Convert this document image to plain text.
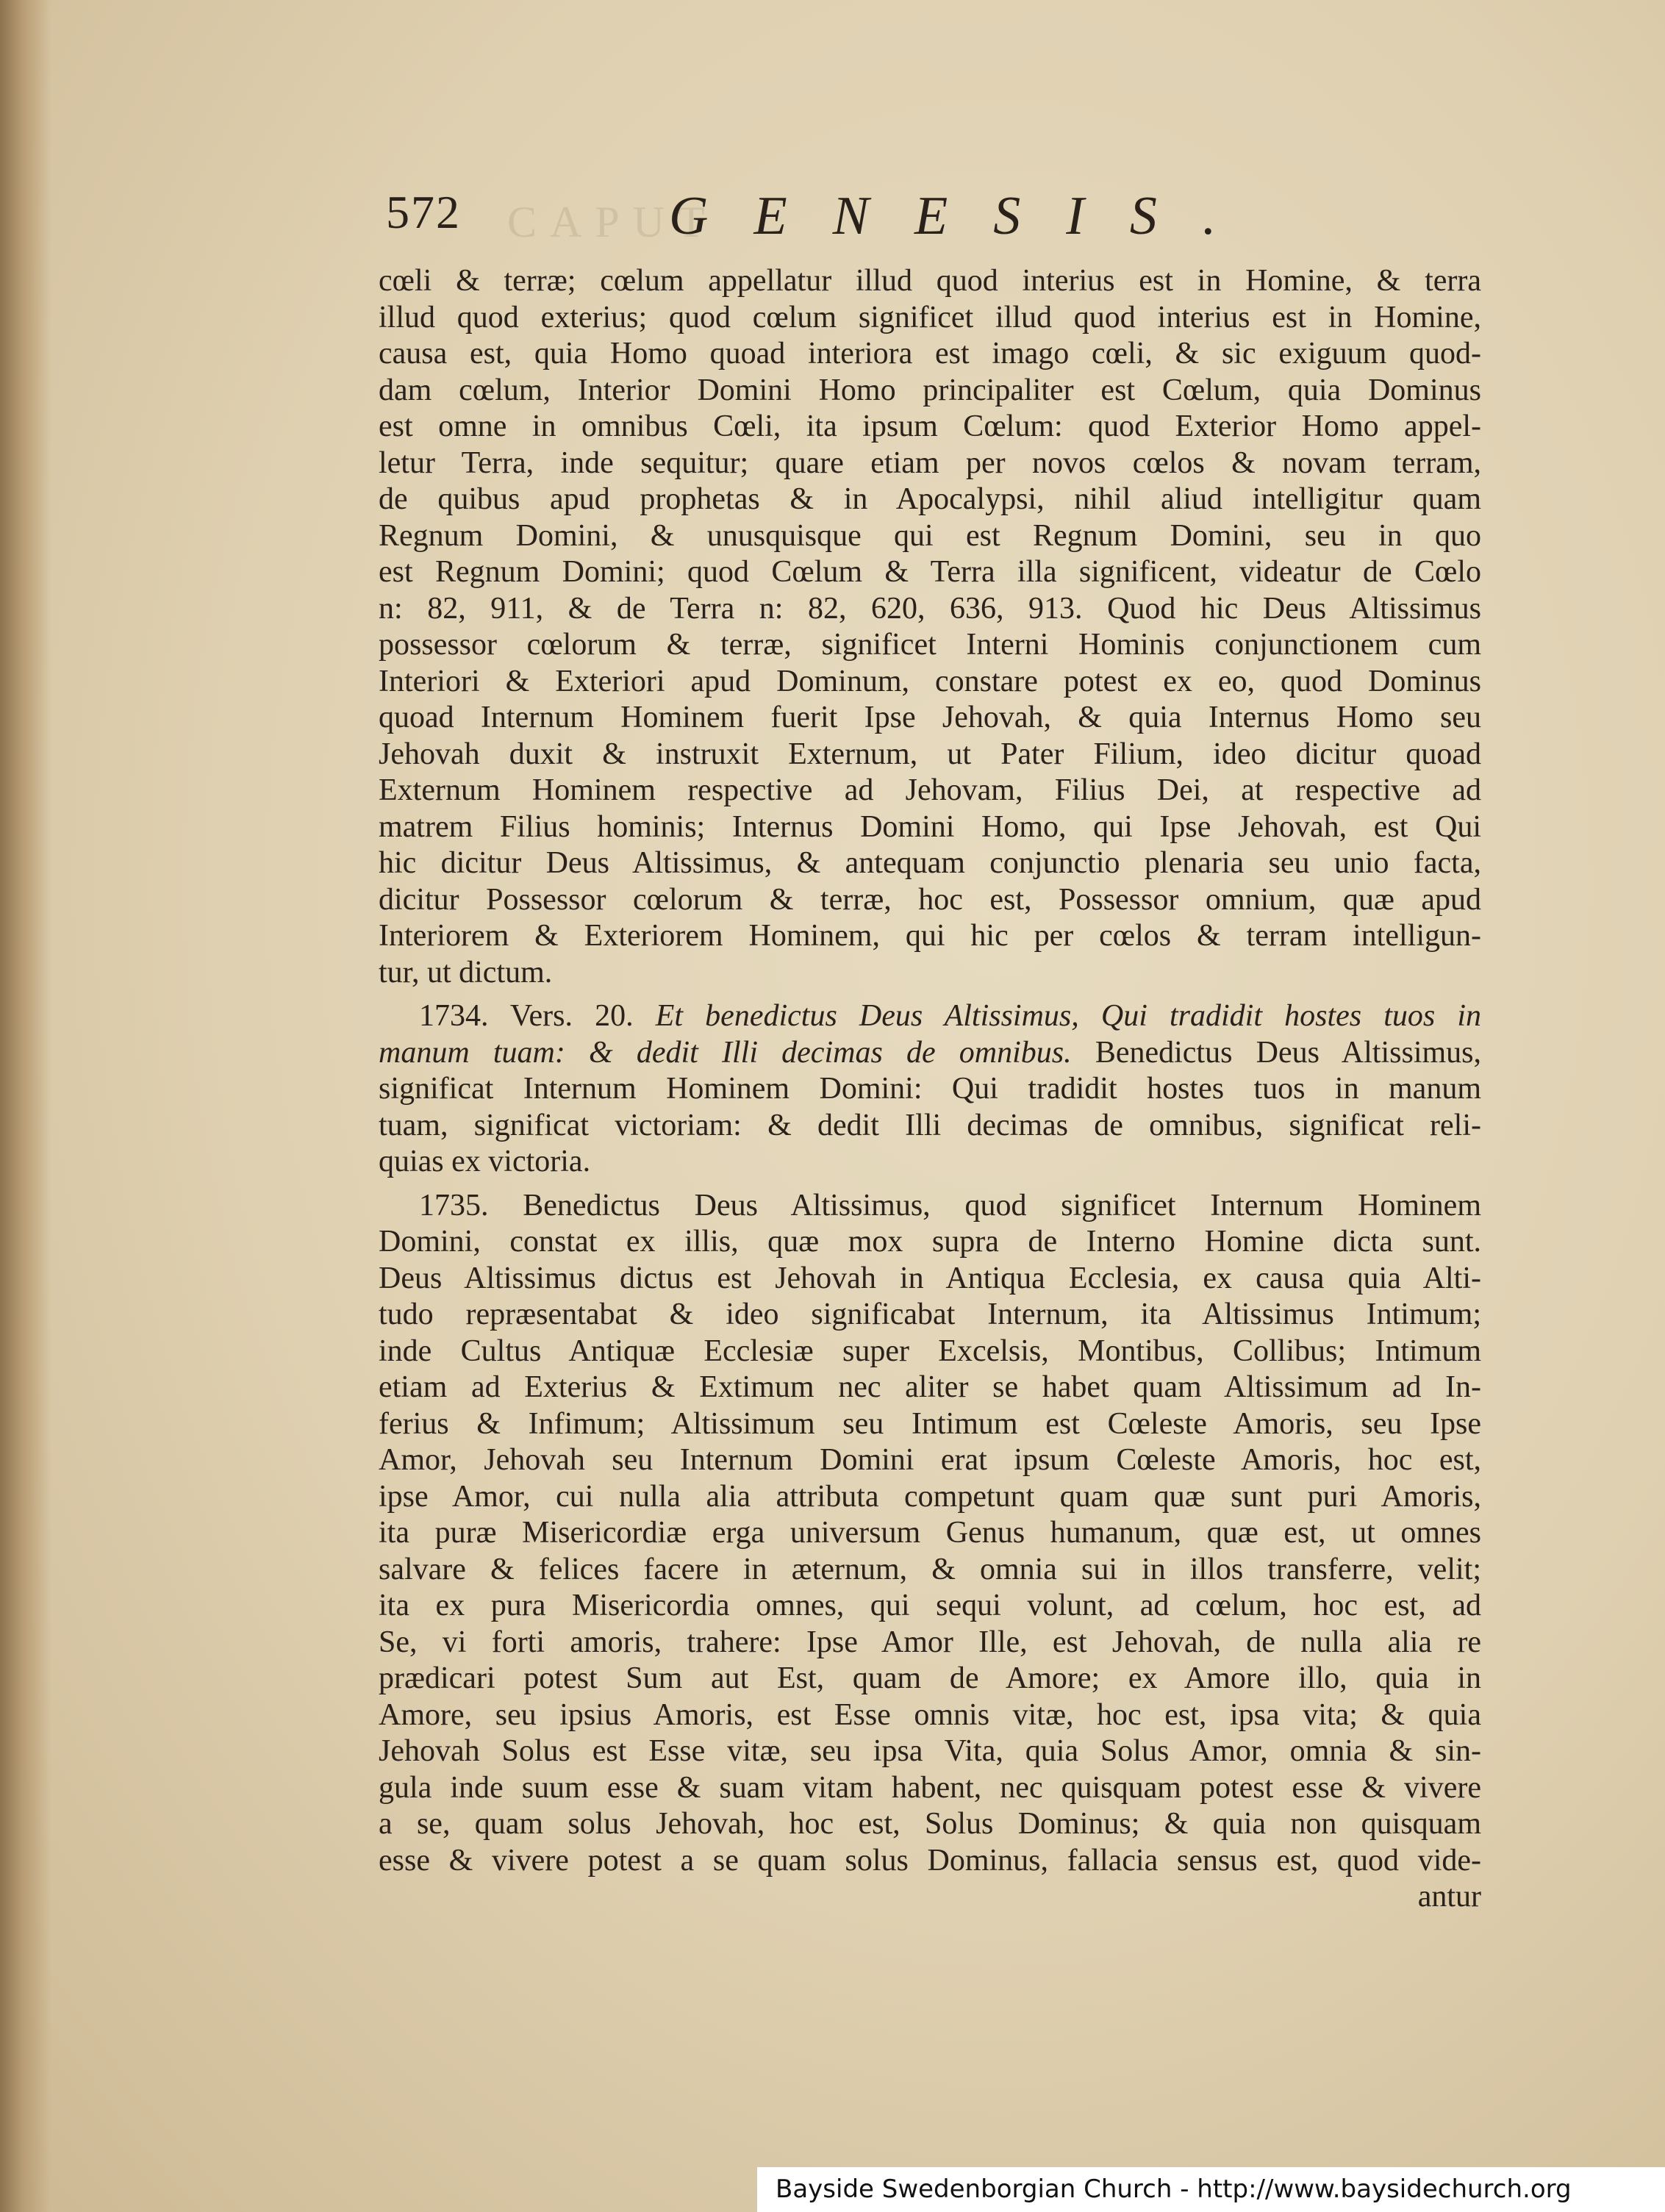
CAPUT
572	GENESIS.
cœli & terræ; cœlum appellatur illud quod interius est in Homine, & terra
illud quod exterius; quod cœlum significet illud quod interius est in Homine,
causa est, quia Homo quoad interiora est imago cœli, & sic exiguum quod-
dam cœlum, Interior Domini Homo principaliter est Cœlum, quia Dominus
est omne in omnibus Cœli, ita ipsum Cœlum: quod Exterior Homo appel-
letur Terra, inde sequitur; quare etiam per novos cœlos & novam terram,
de quibus apud prophetas & in Apocalypsi, nihil aliud intelligitur quam
Regnum Domini, & unusquisque qui est Regnum Domini, seu in quo
est Regnum Domini; quod Cœlum & Terra illa significent, videatur de Cœlo
n: 82, 911, & de Terra n: 82, 620, 636, 913. Quod hic Deus Altissimus
possessor cœlorum & terræ, significet Interni Hominis conjunctionem cum
Interiori & Exteriori apud Dominum, constare potest ex eo, quod Dominus
quoad Internum Hominem fuerit Ipse Jehovah, & quia Internus Homo seu
Jehovah duxit & instruxit Externum, ut Pater Filium, ideo dicitur quoad
Externum Hominem respective ad Jehovam, Filius Dei, at respective ad
matrem Filius hominis; Internus Domini Homo, qui Ipse Jehovah, est Qui
hic dicitur Deus Altissimus, & antequam conjunctio plenaria seu unio facta,
dicitur Possessor cœlorum & terræ, hoc est, Possessor omnium, quæ apud
Interiorem & Exteriorem Hominem, qui hic per cœlos & terram intelligun-
tur, ut dictum.
1734. Vers. 20. Et benedictus Deus Altissimus, Qui tradidit hostes tuos in
manum tuam: & dedit Illi decimas de omnibus. Benedictus Deus Altissimus,
significat Internum Hominem Domini: Qui tradidit hostes tuos in manum
tuam, significat victoriam: & dedit Illi decimas de omnibus, significat reli-
quias ex victoria.
1735. Benedictus Deus Altissimus, quod significet Internum Hominem
Domini, constat ex illis, quæ mox supra de Interno Homine dicta sunt.
Deus Altissimus dictus est Jehovah in Antiqua Ecclesia, ex causa quia Alti-
tudo repræsentabat & ideo significabat Internum, ita Altissimus Intimum;
inde Cultus Antiquæ Ecclesiæ super Excelsis, Montibus, Collibus; Intimum
etiam ad Exterius & Extimum nec aliter se habet quam Altissimum ad In-
ferius & Infimum; Altissimum seu Intimum est Cœleste Amoris, seu Ipse
Amor, Jehovah seu Internum Domini erat ipsum Cœleste Amoris, hoc est,
ipse Amor, cui nulla alia attributa competunt quam quæ sunt puri Amoris,
ita puræ Misericordiæ erga universum Genus humanum, quæ est, ut omnes
salvare & felices facere in æternum, & omnia sui in illos transferre, velit;
ita ex pura Misericordia omnes, qui sequi volunt, ad cœlum, hoc est, ad
Se, vi forti amoris, trahere: Ipse Amor Ille, est Jehovah, de nulla alia re
prædicari potest Sum aut Est, quam de Amore; ex Amore illo, quia in
Amore, seu ipsius Amoris, est Esse omnis vitæ, hoc est, ipsa vita; & quia
Jehovah Solus est Esse vitæ, seu ipsa Vita, quia Solus Amor, omnia & sin-
gula inde suum esse & suam vitam habent, nec quisquam potest esse & vivere
a se, quam solus Jehovah, hoc est, Solus Dominus; & quia non quisquam
esse & vivere potest a se quam solus Dominus, fallacia sensus est, quod vide-
antur
Bayside Swedenborgian Church - http://www.baysidechurch.org
